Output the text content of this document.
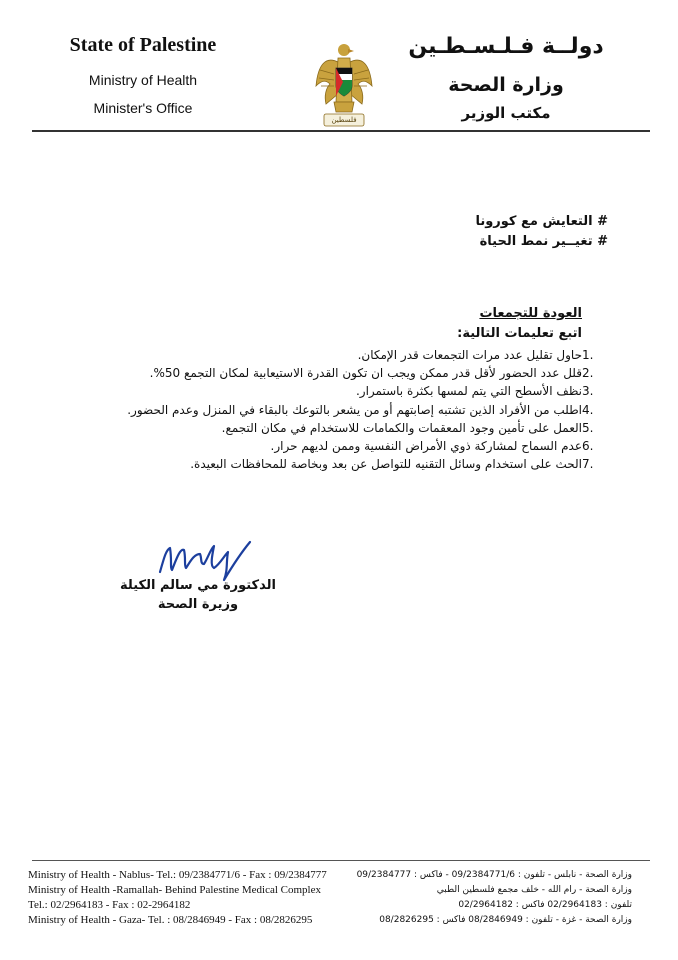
State of Palestine
Ministry of Health
Minister's Office
فلسطين
دولــة فـلـسـطـين
وزارة الصحة
مكتب الوزير
# التعايش مع كورونا
# تغيــير نمط الحياة
العودة للتجمعات
اتبع تعليمات التالية:
1.
حاول تقليل عدد مرات التجمعات قدر الإمكان.
2.
قلل عدد الحضور لأقل قدر ممكن ويجب ان تكون القدرة الاستيعابية لمكان التجمع 50%.
3.
نظف الأسطح التي يتم لمسها بكثرة باستمرار.
4.
اطلب من الأفراد الذين تشتبه إصابتهم أو من يشعر بالتوعك بالبقاء في المنزل وعدم الحضور.
5.
العمل على تأمين وجود المعقمات والكمامات للاستخدام في مكان التجمع.
6.
عدم السماح لمشاركة ذوي الأمراض النفسية وممن لديهم حرار.
7.
الحث على استخدام وسائل التقنيه للتواصل عن بعد وبخاصة للمحافظات البعيدة.
الدكتورة مي سالم الكيلة
وزيرة الصحة
Ministry of Health - Nablus- Tel.: 09/2384771/6 - Fax : 09/2384777
Ministry of Health -Ramallah- Behind Palestine Medical Complex
Tel.: 02/2964183 - Fax : 02-2964182
Ministry of Health - Gaza- Tel. : 08/2846949 - Fax : 08/2826295
وزارة الصحة - نابلس - تلفون : 09/2384771/6 - فاكس : 09/2384777
وزارة الصحة - رام الله - خلف مجمع فلسطين الطبي
تلفون : 02/2964183 فاكس : 02/2964182
وزارة الصحة - غزة - تلفون : 08/2846949 فاكس : 08/2826295
